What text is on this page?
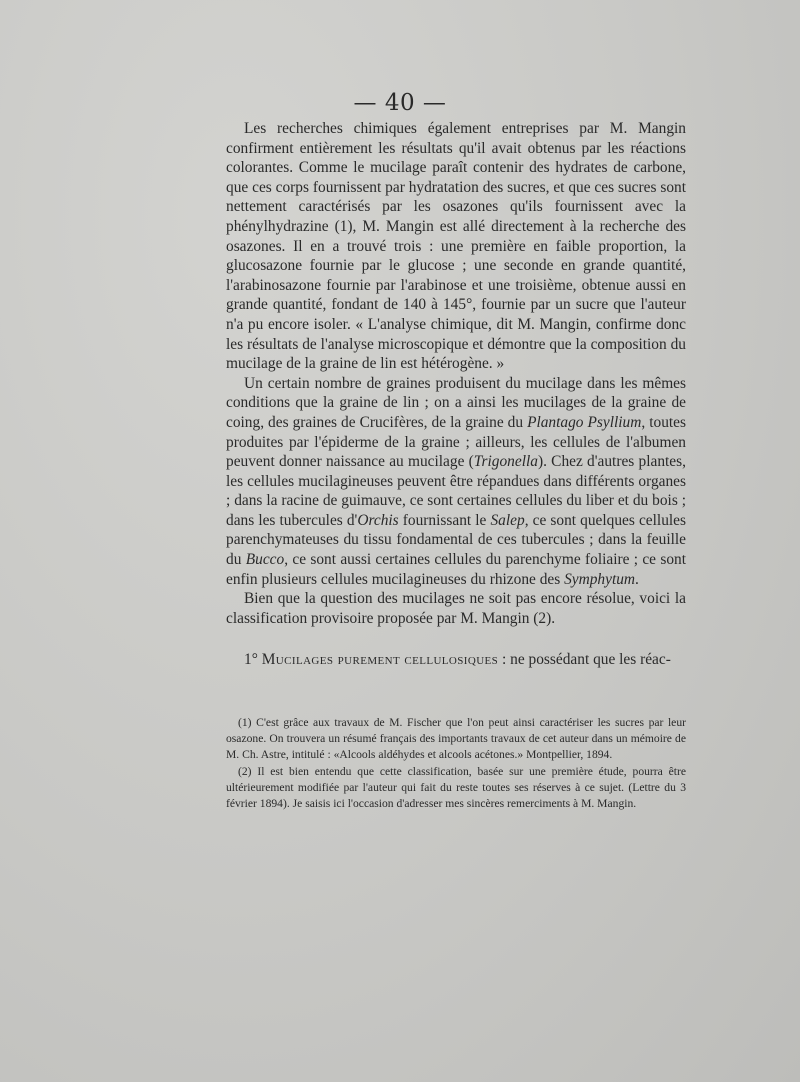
— 40 —

Les recherches chimiques également entreprises par M. Mangin confirment entièrement les résultats qu'il avait obtenus par les réactions colorantes. Comme le mucilage paraît contenir des hydrates de carbone, que ces corps fournissent par hydratation des sucres, et que ces sucres sont nettement caractérisés par les osazones qu'ils fournissent avec la phénylhydrazine (1), M. Mangin est allé directement à la recherche des osazones. Il en a trouvé trois : une première en faible proportion, la glucosazone fournie par le glucose ; une seconde en grande quantité, l'arabinosazone fournie par l'arabinose et une troisième, obtenue aussi en grande quantité, fondant de 140 à 145°, fournie par un sucre que l'auteur n'a pu encore isoler. « L'analyse chimique, dit M. Mangin, confirme donc les résultats de l'analyse microscopique et démontre que la composition du mucilage de la graine de lin est hétérogène. »

Un certain nombre de graines produisent du mucilage dans les mêmes conditions que la graine de lin ; on a ainsi les mucilages de la graine de coing, des graines de Crucifères, de la graine du Plantago Psyllium, toutes produites par l'épiderme de la graine ; ailleurs, les cellules de l'albumen peuvent donner naissance au mucilage (Trigonella). Chez d'autres plantes, les cellules mucilagineuses peuvent être répandues dans différents organes ; dans la racine de guimauve, ce sont certaines cellules du liber et du bois ; dans les tubercules d'Orchis fournissant le Salep, ce sont quelques cellules parenchymateuses du tissu fondamental de ces tubercules ; dans la feuille du Bucco, ce sont aussi certaines cellules du parenchyme foliaire ; ce sont enfin plusieurs cellules mucilagineuses du rhizone des Symphytum.

Bien que la question des mucilages ne soit pas encore résolue, voici la classification provisoire proposée par M. Mangin (2).

1° Mucilages purement cellulosiques : ne possédant que les réac-

(1) C'est grâce aux travaux de M. Fischer que l'on peut ainsi caractériser les sucres par leur osazone. On trouvera un résumé français des importants travaux de cet auteur dans un mémoire de M. Ch. Astre, intitulé : «Alcools aldéhydes et alcools acétones.» Montpellier, 1894.

(2) Il est bien entendu que cette classification, basée sur une première étude, pourra être ultérieurement modifiée par l'auteur qui fait du reste toutes ses réserves à ce sujet. (Lettre du 3 février 1894). Je saisis ici l'occasion d'adresser mes sincères remerciments à M. Mangin.
